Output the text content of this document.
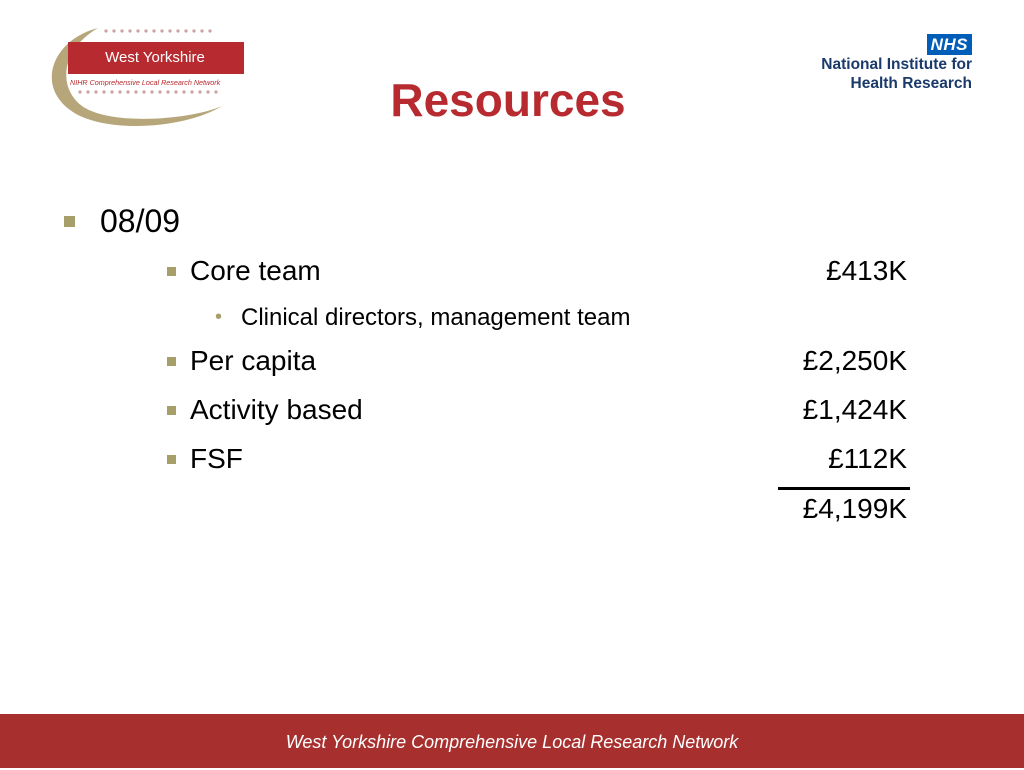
West Yorkshire
NIHR Comprehensive Local Research Network
NHS
National Institute for
Health Research
Resources
08/09
Core team	£413K
• Clinical directors, management team
Per capita	£2,250K
Activity based	£1,424K
FSF	£112K
£4,199K
West Yorkshire Comprehensive Local Research Network
